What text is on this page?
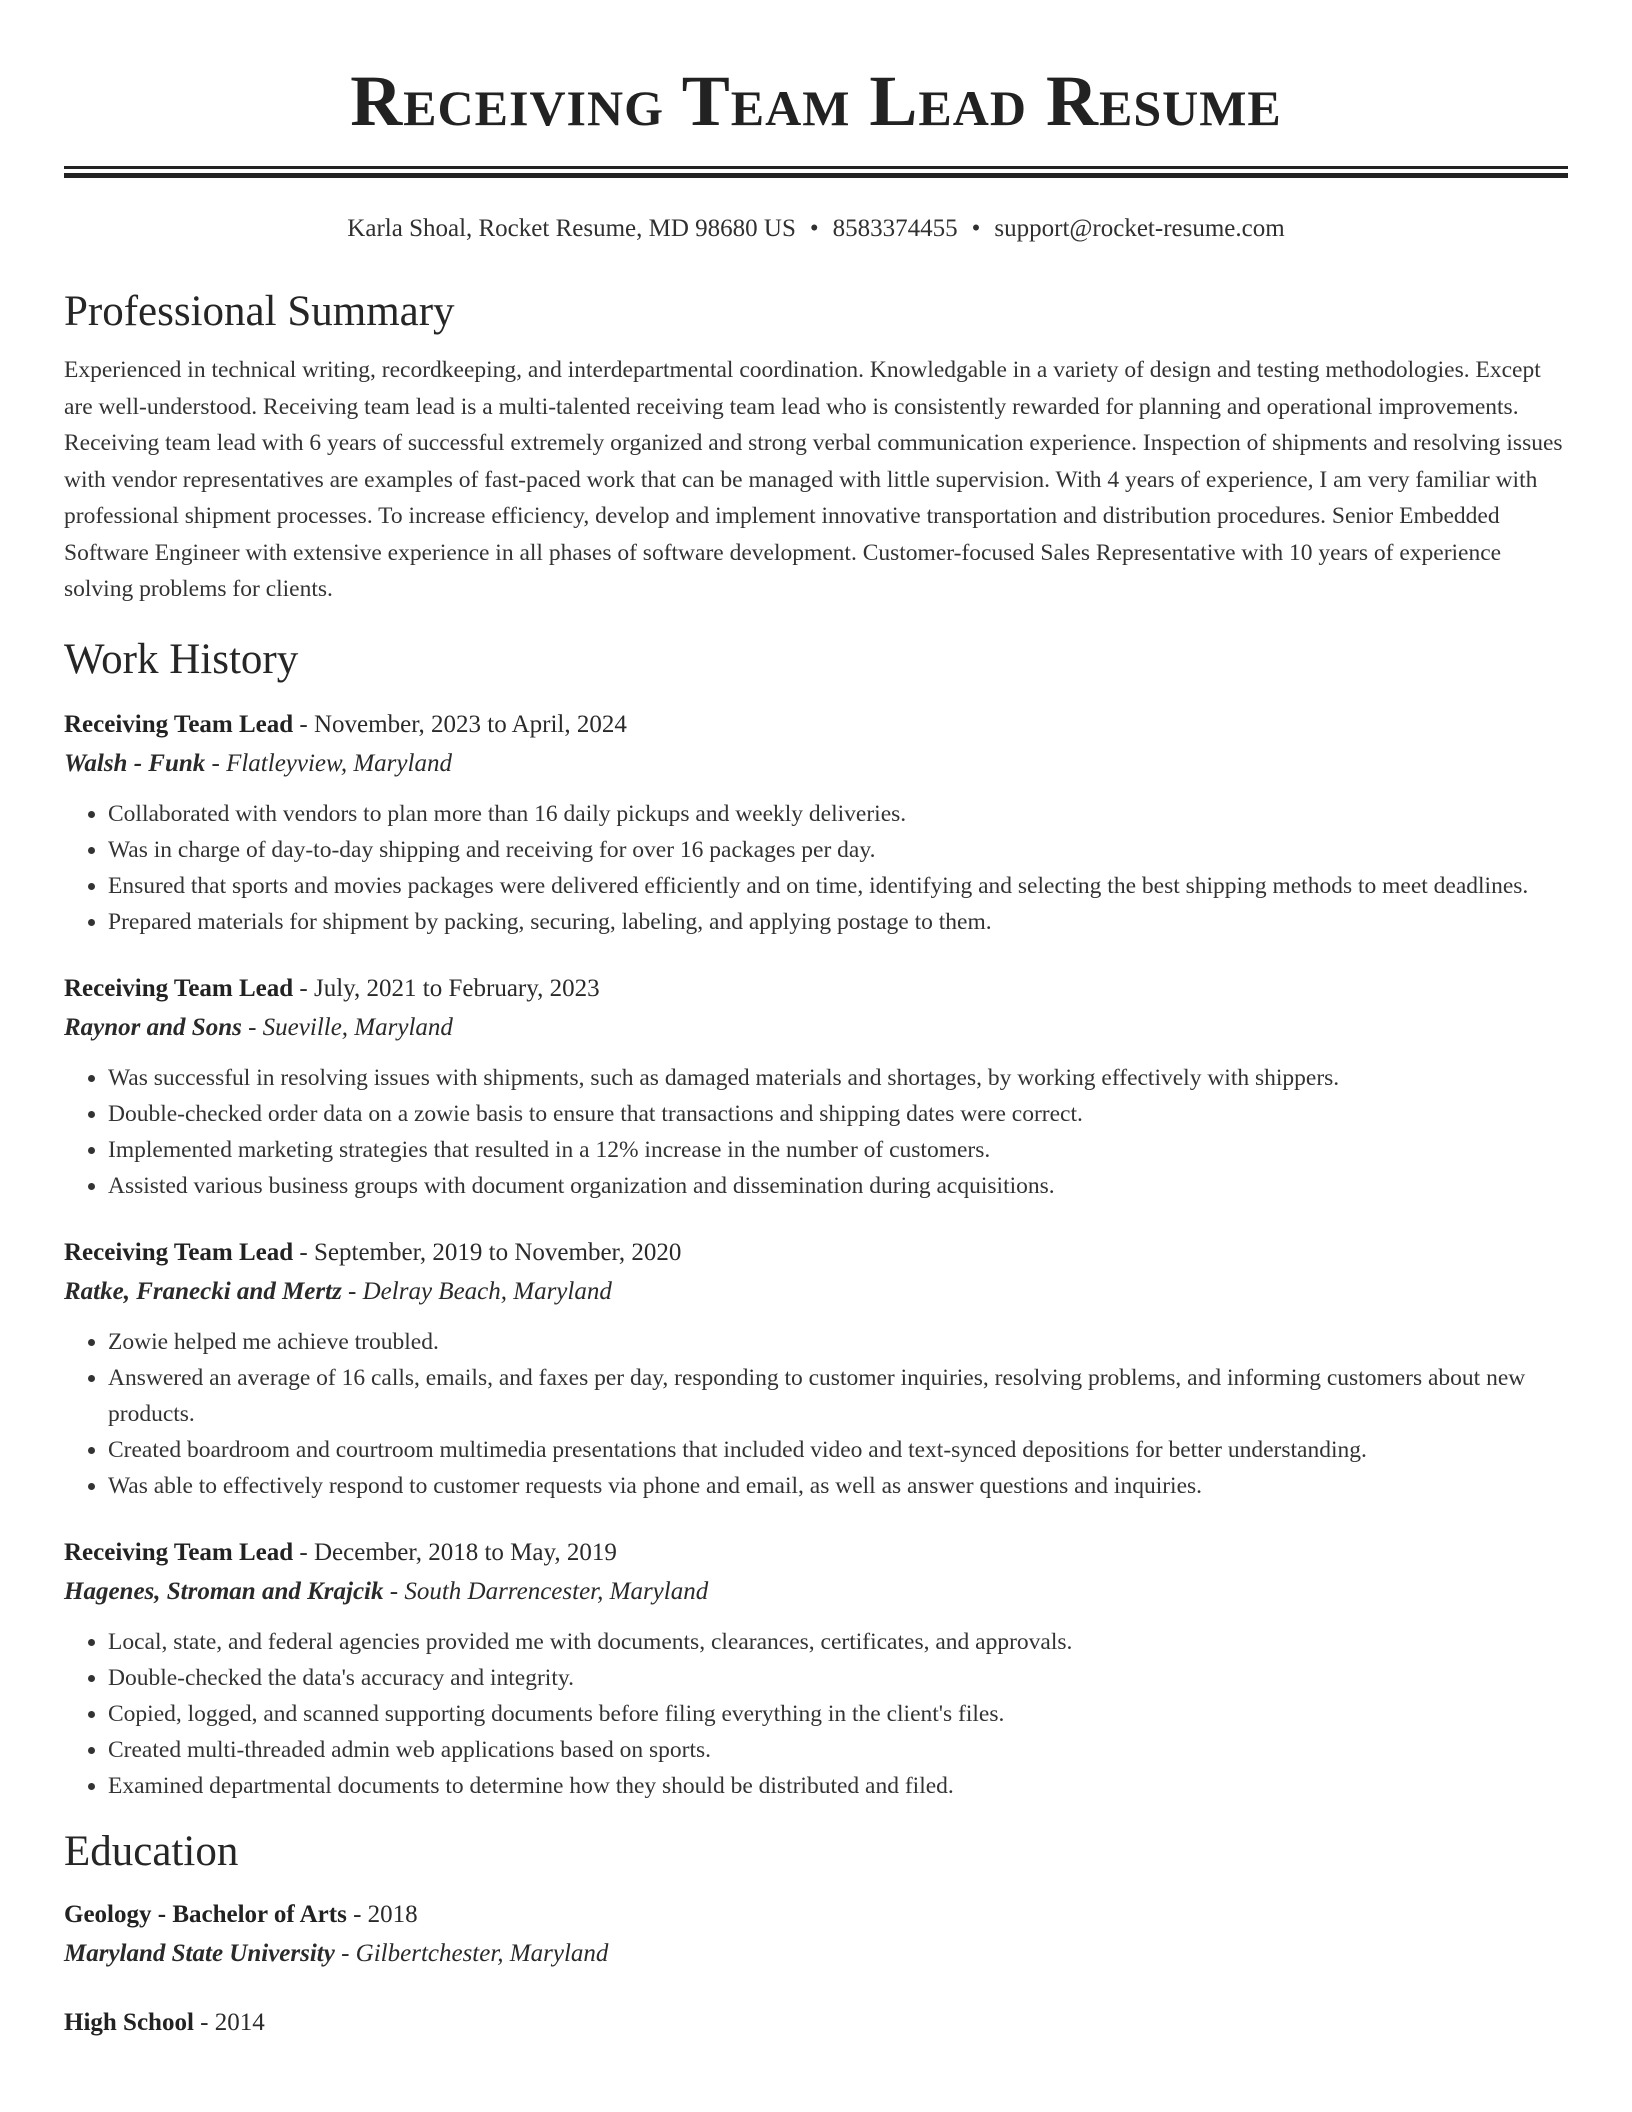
Receiving Team Lead Resume
Karla Shoal, Rocket Resume, MD 98680 US • 8583374455 • support@rocket-resume.com
Professional Summary
Experienced in technical writing, recordkeeping, and interdepartmental coordination. Knowledgable in a variety of design and testing methodologies. Except are well-understood. Receiving team lead is a multi-talented receiving team lead who is consistently rewarded for planning and operational improvements. Receiving team lead with 6 years of successful extremely organized and strong verbal communication experience. Inspection of shipments and resolving issues with vendor representatives are examples of fast-paced work that can be managed with little supervision. With 4 years of experience, I am very familiar with professional shipment processes. To increase efficiency, develop and implement innovative transportation and distribution procedures. Senior Embedded Software Engineer with extensive experience in all phases of software development. Customer-focused Sales Representative with 10 years of experience solving problems for clients.
Work History
Receiving Team Lead - November, 2023 to April, 2024
Walsh - Funk - Flatleyview, Maryland
• Collaborated with vendors to plan more than 16 daily pickups and weekly deliveries.
• Was in charge of day-to-day shipping and receiving for over 16 packages per day.
• Ensured that sports and movies packages were delivered efficiently and on time, identifying and selecting the best shipping methods to meet deadlines.
• Prepared materials for shipment by packing, securing, labeling, and applying postage to them.
Receiving Team Lead - July, 2021 to February, 2023
Raynor and Sons - Sueville, Maryland
• Was successful in resolving issues with shipments, such as damaged materials and shortages, by working effectively with shippers.
• Double-checked order data on a zowie basis to ensure that transactions and shipping dates were correct.
• Implemented marketing strategies that resulted in a 12% increase in the number of customers.
• Assisted various business groups with document organization and dissemination during acquisitions.
Receiving Team Lead - September, 2019 to November, 2020
Ratke, Franecki and Mertz - Delray Beach, Maryland
• Zowie helped me achieve troubled.
• Answered an average of 16 calls, emails, and faxes per day, responding to customer inquiries, resolving problems, and informing customers about new products.
• Created boardroom and courtroom multimedia presentations that included video and text-synced depositions for better understanding.
• Was able to effectively respond to customer requests via phone and email, as well as answer questions and inquiries.
Receiving Team Lead - December, 2018 to May, 2019
Hagenes, Stroman and Krajcik - South Darrencester, Maryland
• Local, state, and federal agencies provided me with documents, clearances, certificates, and approvals.
• Double-checked the data's accuracy and integrity.
• Copied, logged, and scanned supporting documents before filing everything in the client's files.
• Created multi-threaded admin web applications based on sports.
• Examined departmental documents to determine how they should be distributed and filed.
Education
Geology - Bachelor of Arts - 2018
Maryland State University - Gilbertchester, Maryland
High School - 2014
